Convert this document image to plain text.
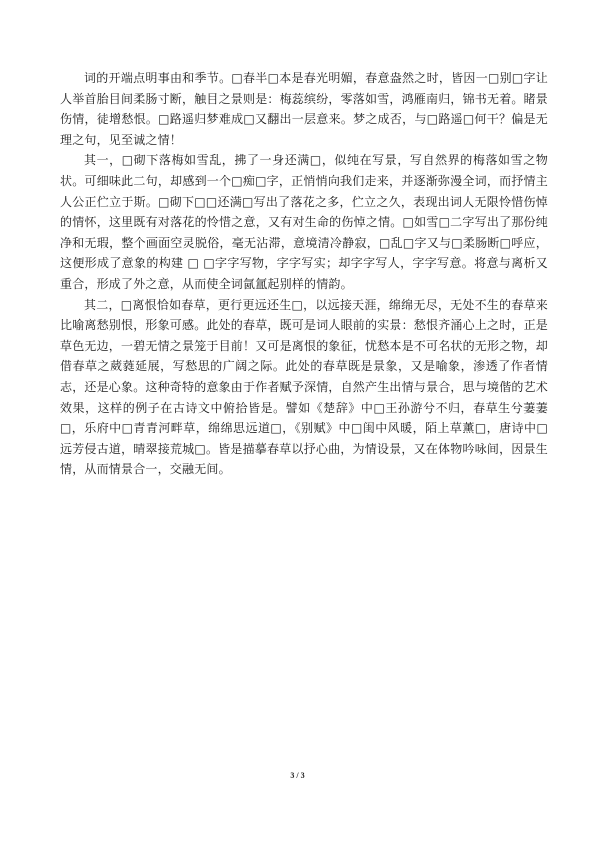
词的开端点明事由和季节。□春半□本是春光明媚，春意盎然之时，皆因一□别□字让人举首胎目间柔肠寸断，触目之景则是：梅蕊缤纷，零落如雪，鸿雁南归，锦书无着。睹景伤情，徒增愁恨。□路遥归梦难成□又翻出一层意来。梦之成否，与□路遥□何干？偏是无理之句，见至诚之情！

其一，□砌下落梅如雪乱，拂了一身还满□，似纯在写景，写自然界的梅落如雪之物状。可细味此二句，却感到一个□痴□字，正悄悄向我们走来，并逐渐弥漫全词，而抒情主人公正伫立于斯。□砌下□□还满□写出了落花之多，伫立之久，表现出词人无限怜惜伤悼的情怀，这里既有对落花的怜惜之意，又有对生命的伤悼之情。□如雪□二字写出了那份纯净和无瑕，整个画面空灵脱俗，毫无沾滞，意境清冷静寂，□乱□字又与□柔肠断□呼应，这便形成了意象的构建 □ □字字写物，字字写实；却字字写人，字字写意。将意与离析又重合，形成了外之意，从而使全词氤氲起别样的情韵。

其二，□离恨恰如春草，更行更远还生□，以远接天涯，绵绵无尽，无处不生的春草来比喻离愁别恨，形象可感。此处的春草，既可是词人眼前的实景：愁恨齐涌心上之时，正是草色无边，一碧无情之景笼于目前！又可是离恨的象征，忧愁本是不可名状的无形之物，却借春草之葳蕤延展，写愁思的广阔之际。此处的春草既是景象，又是喻象，渗透了作者情志，还是心象。这种奇特的意象由于作者赋予深情，自然产生出情与景合，思与境偕的艺术效果，这样的例子在古诗文中俯拾皆是。譬如《楚辞》中□王孙游兮不归，春草生兮萋萋□，乐府中□青青河畔草，绵绵思远道□，《别赋》中□闺中风暖，陌上草薰□，唐诗中□远芳侵古道，晴翠接荒城□。皆是描摹春草以抒心曲，为情设景，又在体物吟咏间，因景生情，从而情景合一，交融无间。

3 / 3
